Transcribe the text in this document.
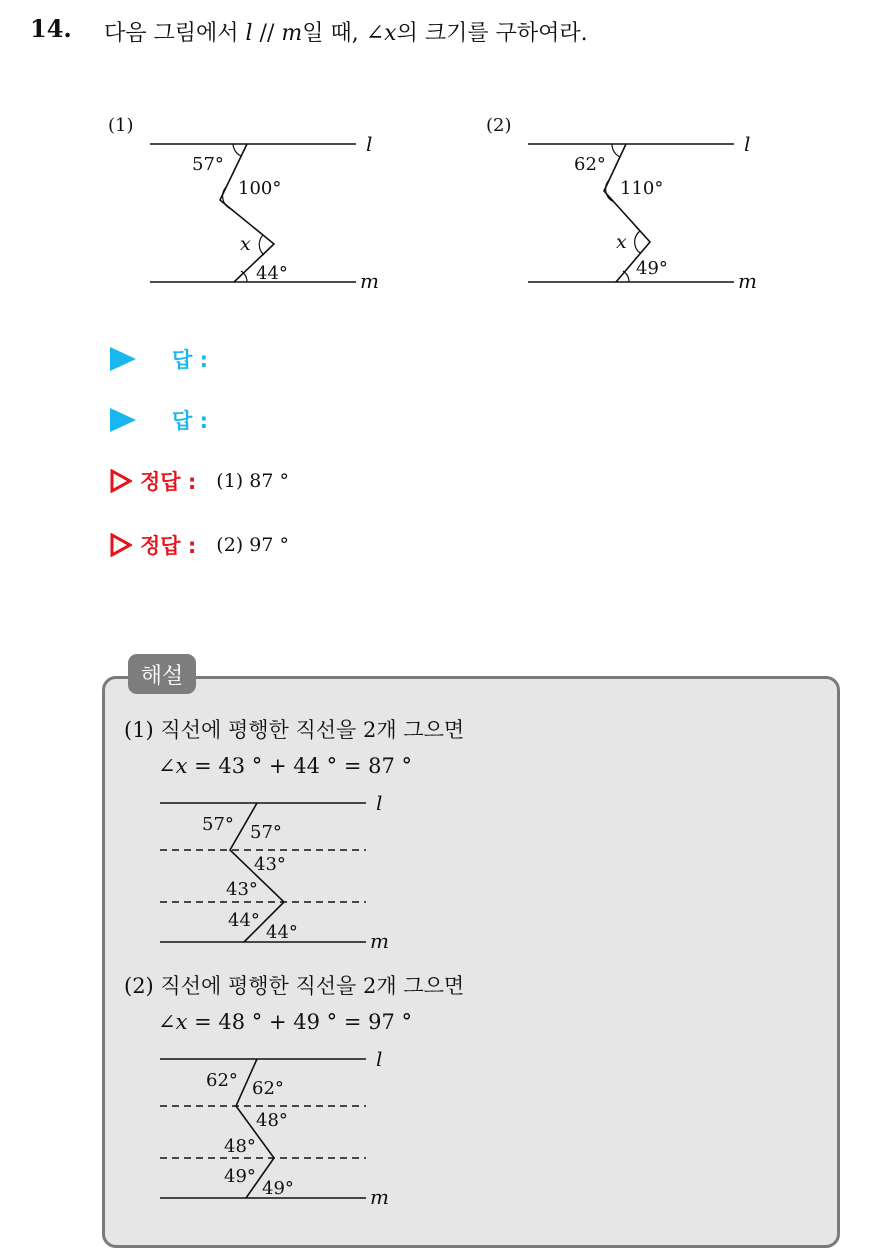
14. 다음 그림에서 l // m일 때, ∠x의 크기를 구하여라.
(1)
l
m
57°
100°
x
44°
(2)
l
m
62°
110°
x
49°
답 :
답 :
정답 : (1) 87 °
정답 : (2) 97 °
해설
(1) 직선에 평행한 직선을 2개 그으면
∠x = 43 ° + 44 ° = 87 °
l
m
57° 57°
43°
43°
44°
44°
(2) 직선에 평행한 직선을 2개 그으면
∠x = 48 ° + 49 ° = 97 °
l
m
62° 62°
48°
48°
49°
49°
